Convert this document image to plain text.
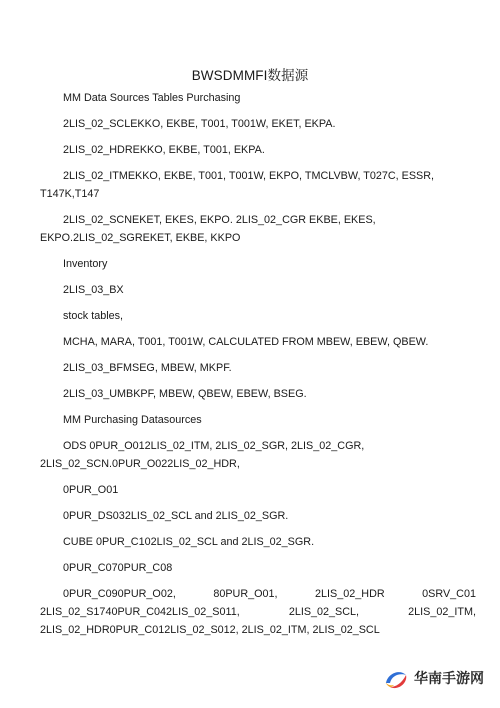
BWSDMMFI数据源
MM Data Sources Tables Purchasing
2LIS_02_SCLEKKO, EKBE, T001, T001W, EKET, EKPA.
2LIS_02_HDREKKO, EKBE, T001, EKPA.
2LIS_02_ITMEKKO, EKBE, T001, T001W, EKPO, TMCLVBW, T027C, ESSR,
T147K,T147
2LIS_02_SCNEKET, EKES, EKPO. 2LIS_02_CGR EKBE, EKES,
EKPO.2LIS_02_SGREKET, EKBE, KKPO
Inventory
2LIS_03_BX
stock tables,
MCHA, MARA, T001, T001W, CALCULATED FROM MBEW, EBEW, QBEW.
2LIS_03_BFMSEG, MBEW, MKPF.
2LIS_03_UMBKPF, MBEW, QBEW, EBEW, BSEG.
MM Purchasing Datasources
ODS 0PUR_O012LIS_02_ITM, 2LIS_02_SGR, 2LIS_02_CGR,
2LIS_02_SCN.0PUR_O022LIS_02_HDR,
0PUR_O01
0PUR_DS032LIS_02_SCL and 2LIS_02_SGR.
CUBE 0PUR_C102LIS_02_SCL and 2LIS_02_SGR.
0PUR_C070PUR_C08
0PUR_C090PUR_O02,	80PUR_O01,	2LIS_02_HDR	0SRV_C01
2LIS_02_S1740PUR_C042LIS_02_S011,	2LIS_02_SCL,	2LIS_02_ITM,
2LIS_02_HDR0PUR_C012LIS_02_S012, 2LIS_02_ITM, 2LIS_02_SCL
华南手游网
